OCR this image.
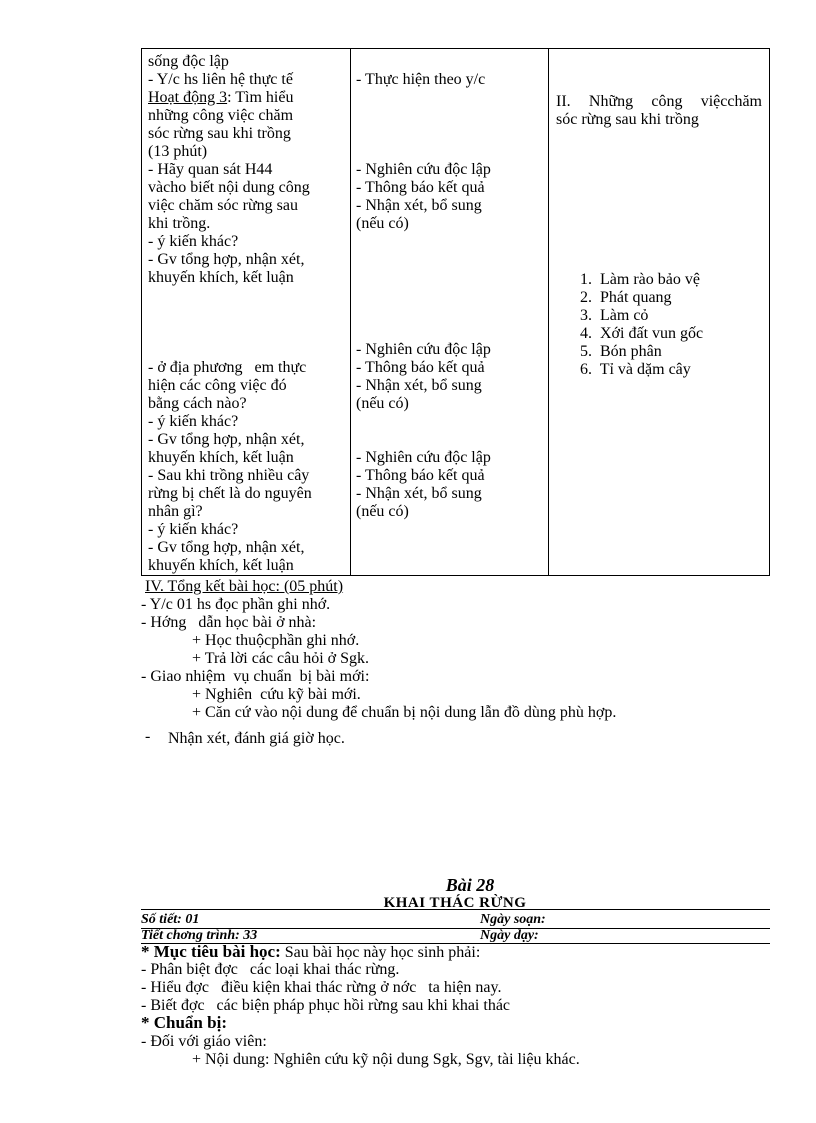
sống độc lập
- Y/c hs liên hệ thực tế
Hoạt động 3: Tìm hiểu
những công việc chăm
sóc rừng sau khi trồng
(13 phút)
- Hãy quan sát H44
vàcho biết nội dung công
việc chăm sóc rừng sau
khi trồng.
- ý kiến khác?
- Gv tổng hợp, nhận xét,
khuyến khích, kết luận
- ở địa phương   em thực
hiện các công việc đó
bằng cách nào?
- ý kiến khác?
- Gv tổng hợp, nhận xét,
khuyến khích, kết luận
- Sau khi trồng nhiều cây
rừng bị chết là do nguyên
nhân gì?
- ý kiến khác?
- Gv tổng hợp, nhận xét,
khuyến khích, kết luận
- Thực hiện theo y/c
- Nghiên cứu độc lập
- Thông báo kết quả
- Nhận xét, bổ sung
(nếu có)
- Nghiên cứu độc lập
- Thông báo kết quả
- Nhận xét, bổ sung
(nếu có)
- Nghiên cứu độc lập
- Thông báo kết quả
- Nhận xét, bổ sung
(nếu có)
II. Những công việcchăm
sóc rừng sau khi trồng
1.  Làm rào bảo vệ
2.  Phát quang
3.  Làm cỏ
4.  Xới đất vun gốc
5.  Bón phân
6.  Tỉ và dặm cây
IV. Tổng kết bài học: (05 phút)
- Y/c 01 hs đọc phần ghi nhớ.
- Hớng   dẫn học bài ở nhà:
+ Học thuộcphần ghi nhớ.
+ Trả lời các câu hỏi ở Sgk.
- Giao nhiệm  vụ chuẩn  bị bài mới:
+ Nghiên  cứu kỹ bài mới.
+ Căn cứ vào nội dung để chuẩn bị nội dung lẫn đồ dùng phù hợp.
- Nhận xét, đánh giá giờ học.
Bài 28
KHAI THÁC RỪNG
Số tiết: 01	Ngày soạn:
Tiết chơng trình: 33	Ngày dạy:
* Mục tiêu bài học: Sau bài học này học sinh phải:
- Phân biệt đợc   các loại khai thác rừng.
- Hiểu đợc   điều kiện khai thác rừng ở nớc   ta hiện nay.
- Biết đợc   các biện pháp phục hồi rừng sau khi khai thác
* Chuẩn bị:
- Đối với giáo viên:
+ Nội dung: Nghiên cứu kỹ nội dung Sgk, Sgv, tài liệu khác.
